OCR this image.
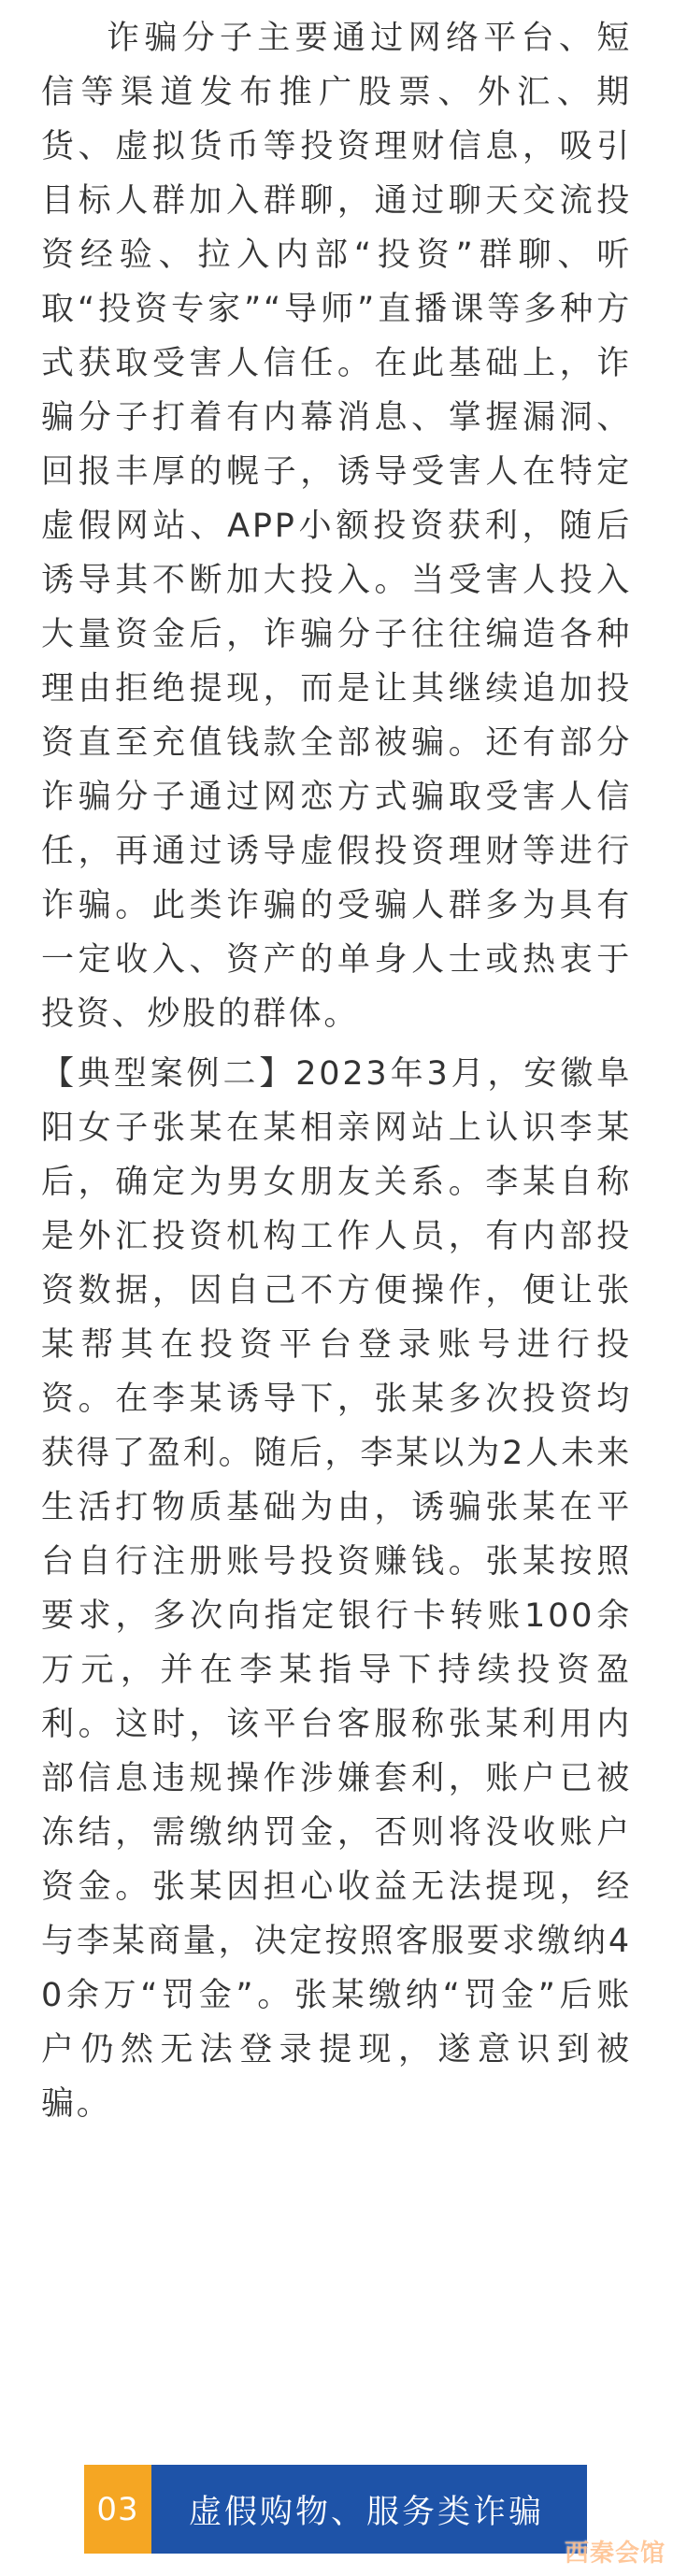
诈骗分子主要通过网络平台、短信等渠道发布推广股票、外汇、期货、虚拟货币等投资理财信息，吸引目标人群加入群聊，通过聊天交流投资经验、拉入内部“投资”群聊、听取“投资专家”“导师”直播课等多种方式获取受害人信任。在此基础上，诈骗分子打着有内幕消息、掌握漏洞、回报丰厚的幌子，诱导受害人在特定虚假网站、APP小额投资获利，随后诱导其不断加大投入。当受害人投入大量资金后，诈骗分子往往编造各种理由拒绝提现，而是让其继续追加投资直至充值钱款全部被骗。还有部分诈骗分子通过网恋方式骗取受害人信任，再通过诱导虚假投资理财等进行诈骗。此类诈骗的受骗人群多为具有一定收入、资产的单身人士或热衷于投资、炒股的群体。

【典型案例二】2023年3月，安徽阜阳女子张某在某相亲网站上认识李某后，确定为男女朋友关系。李某自称是外汇投资机构工作人员，有内部投资数据，因自己不方便操作，便让张某帮其在投资平台登录账号进行投资。在李某诱导下，张某多次投资均获得了盈利。随后，李某以为2人未来生活打物质基础为由，诱骗张某在平台自行注册账号投资赚钱。张某按照要求，多次向指定银行卡转账100余万元，并在李某指导下持续投资盈利。这时，该平台客服称张某利用内部信息违规操作涉嫌套利，账户已被冻结，需缴纳罚金，否则将没收账户资金。张某因担心收益无法提现，经与李某商量，决定按照客服要求缴纳40余万“罚金”。张某缴纳“罚金”后账户仍然无法登录提现，遂意识到被骗。

03	虚假购物、服务类诈骗
西秦会馆
